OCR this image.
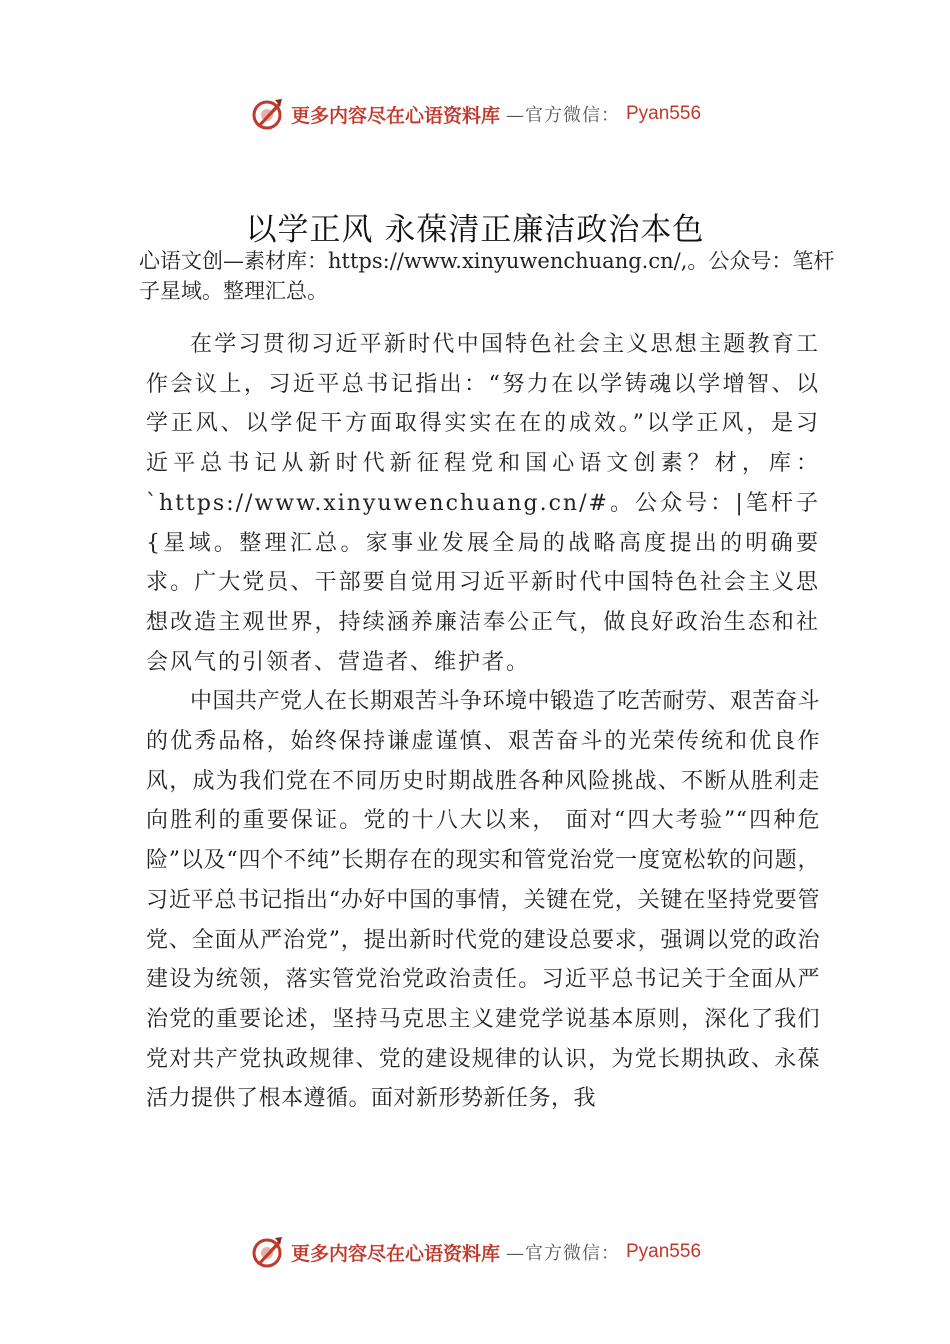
更多内容尽在心语资料库 —官方微信： Pyan556
以学正风 永葆清正廉洁政治本色
心语文创—素材库：https://www.xinyuwenchuang.cn/,。公众号：笔杆子星域。整理汇总。

在学习贯彻习近平新时代中国特色社会主义思想主题教育工作会议上，习近平总书记指出：“努力在以学铸魂以学增智、以学正风、以学促干方面取得实实在在的成效。”以学正风，是习近平总书记从新时代新征程党和国心语文创素？材，库：`https://www.xinyuwenchuang.cn/#。公众号：|笔杆子{星域。整理汇总。家事业发展全局的战略高度提出的明确要求。广大党员、干部要自觉用习近平新时代中国特色社会主义思想改造主观世界，持续涵养廉洁奉公正气，做良好政治生态和社会风气的引领者、营造者、维护者。

中国共产党人在长期艰苦斗争环境中锻造了吃苦耐劳、艰苦奋斗的优秀品格，始终保持谦虚谨慎、艰苦奋斗的光荣传统和优良作风，成为我们党在不同历史时期战胜各种风险挑战、不断从胜利走向胜利的重要保证。党的十八大以来， 面对“四大考验”“四种危险”以及“四个不纯”长期存在的现实和管党治党一度宽松软的问题，习近平总书记指出“办好中国的事情，关键在党，关键在坚持党要管党、全面从严治党”，提出新时代党的建设总要求，强调以党的政治建设为统领，落实管党治党政治责任。习近平总书记关于全面从严治党的重要论述，坚持马克思主义建党学说基本原则，深化了我们党对共产党执政规律、党的建设规律的认识，为党长期执政、永葆活力提供了根本遵循。面对新形势新任务，我

更多内容尽在心语资料库 —官方微信： Pyan556
